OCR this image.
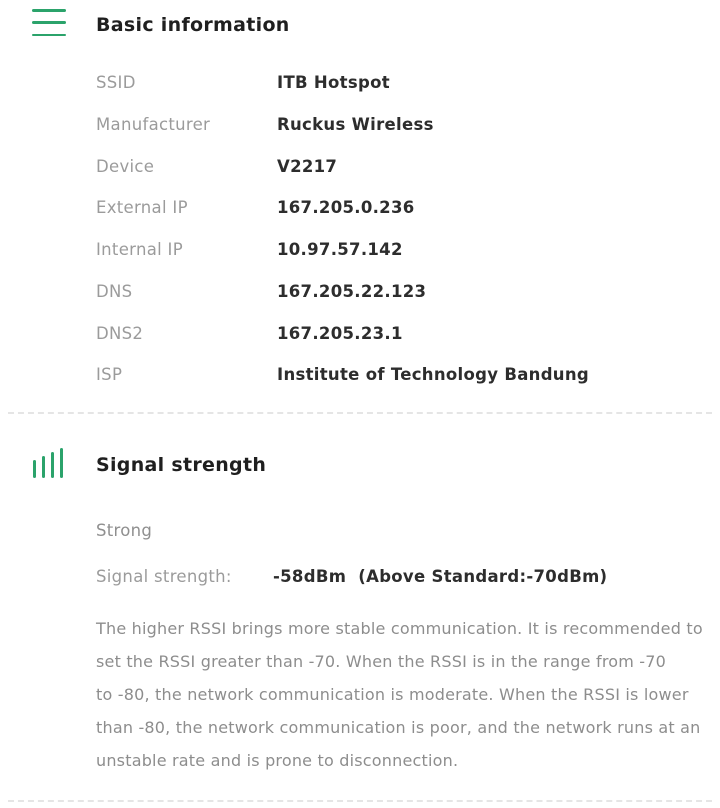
Basic information
SSID	ITB Hotspot
Manufacturer	Ruckus Wireless
Device	V2217
External IP	167.205.0.236
Internal IP	10.97.57.142
DNS	167.205.22.123
DNS2	167.205.23.1
ISP	Institute of Technology Bandung
Signal strength
Strong
Signal strength: -58dBm  (Above Standard:-70dBm)
The higher RSSI brings more stable communication. It is recommended to
set the RSSI greater than -70. When the RSSI is in the range from -70
to -80, the network communication is moderate. When the RSSI is lower
than -80, the network communication is poor, and the network runs at an
unstable rate and is prone to disconnection.
